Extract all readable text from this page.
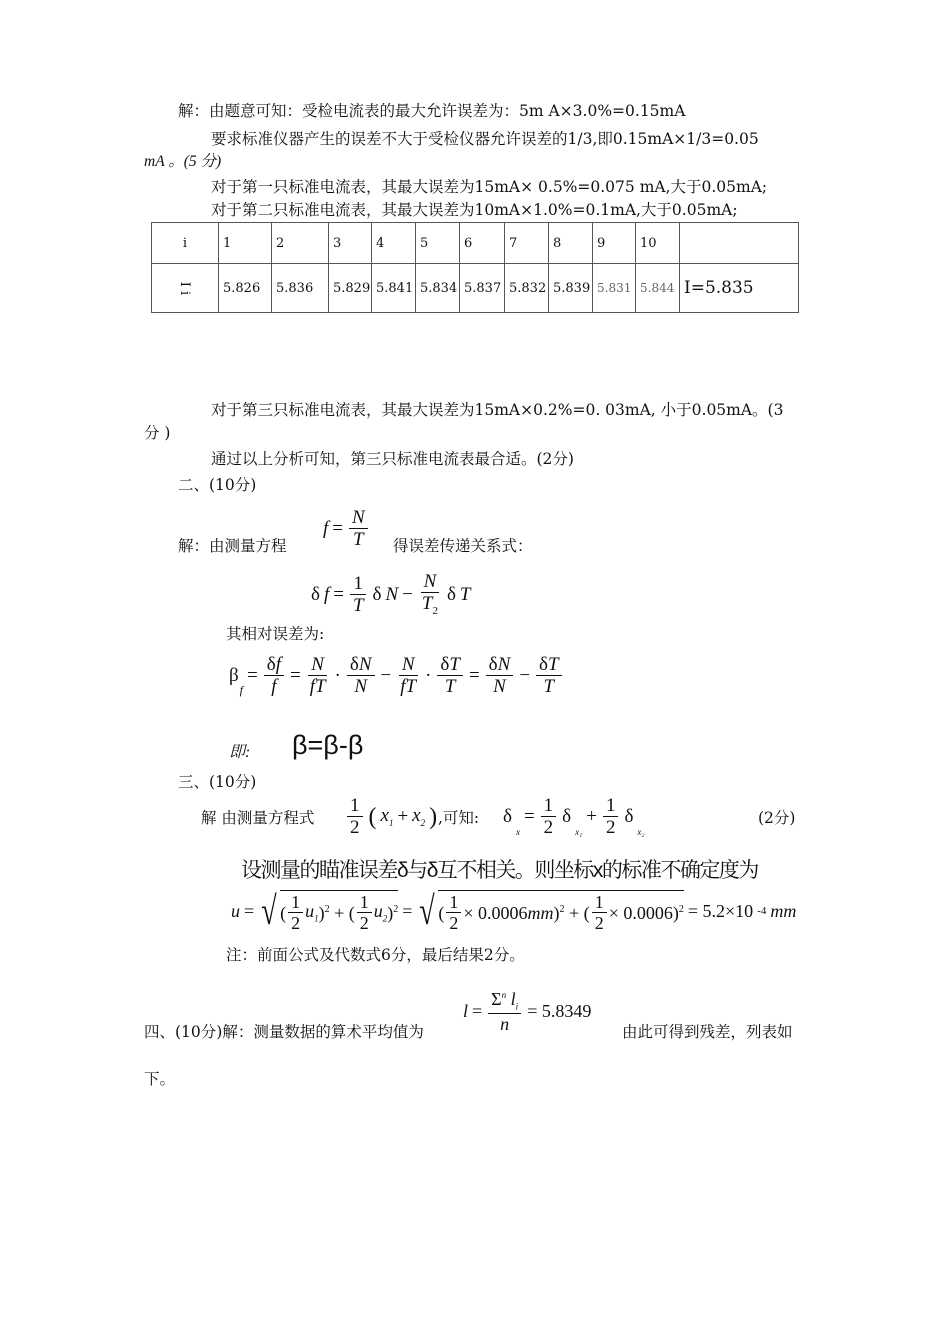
解：由题意可知：受检电流表的最大允许误差为：5m A×3.0%=0.15mA
要求标准仪器产生的误差不大于受检仪器允许误差的1/3,即0.15mA×1/3=0.05
mA 。(5 分)
对于第一只标准电流表，其最大误差为15mA× 0.5%=0.075 mA,大于0.05mA;
对于第二只标准电流表，其最大误差为10mA×1.0%=0.1mA,大于0.05mA;
i	1	2	3	4	5	6	7	8	9	10	
I i	5.826	5.836	5.829	5.841	5.834	5.837	5.832	5.839	5.831	5.844	I=5.835
对于第三只标准电流表，其最大误差为15mA×0.2%=0. 03mA, 小于0.05mA。(3
分 )
通过以上分析可知，第三只标准电流表最合适。(2分)
二、(10分)
解：由测量方程
$f = \frac{N}{T}$ 得误差传递关系式：
δ $f = \frac{1}{T}$ δ $N - \frac{N}{T_2}$ δ T
其相对误差为:
β
$_f$
= $\frac{\delta f}{f} = \frac{N}{fT} \cdot \frac{\delta N}{N} - \frac{N}{fT} \cdot \frac{\delta T}{T} = \frac{\delta N}{N} - \frac{\delta T}{T}$
即: β=β-β
三、(10分)
解 由测量方程式 $\frac{1}{2}$ ( $x_1 + x_2$ ) ,可知: δ
x
= $\frac{1}{2}$ δ
x₁
+ $\frac{1}{2}$ δ
x₂
(2分)
设测量的瞄准误差δ与δ互不相关。则坐标x的标准不确定度为
u = √ ( $\frac{1}{2} u_1$ )$^2$ + ( $\frac{1}{2} u_2$ )$^2$ = √ ( $\frac{1}{2} \times 0.0006$ mm )$^2$ + ( $\frac{1}{2} \times 0.0006)^2 = 5.2\times 10$ -4 mm
注：前面公式及代数式6分，最后结果2分。
四、(10分)解：测量数据的算术平均值为
$l = \frac{\Sigma^n l_i}{n} = 5.8349$
由此可得到残差，列表如
下。
